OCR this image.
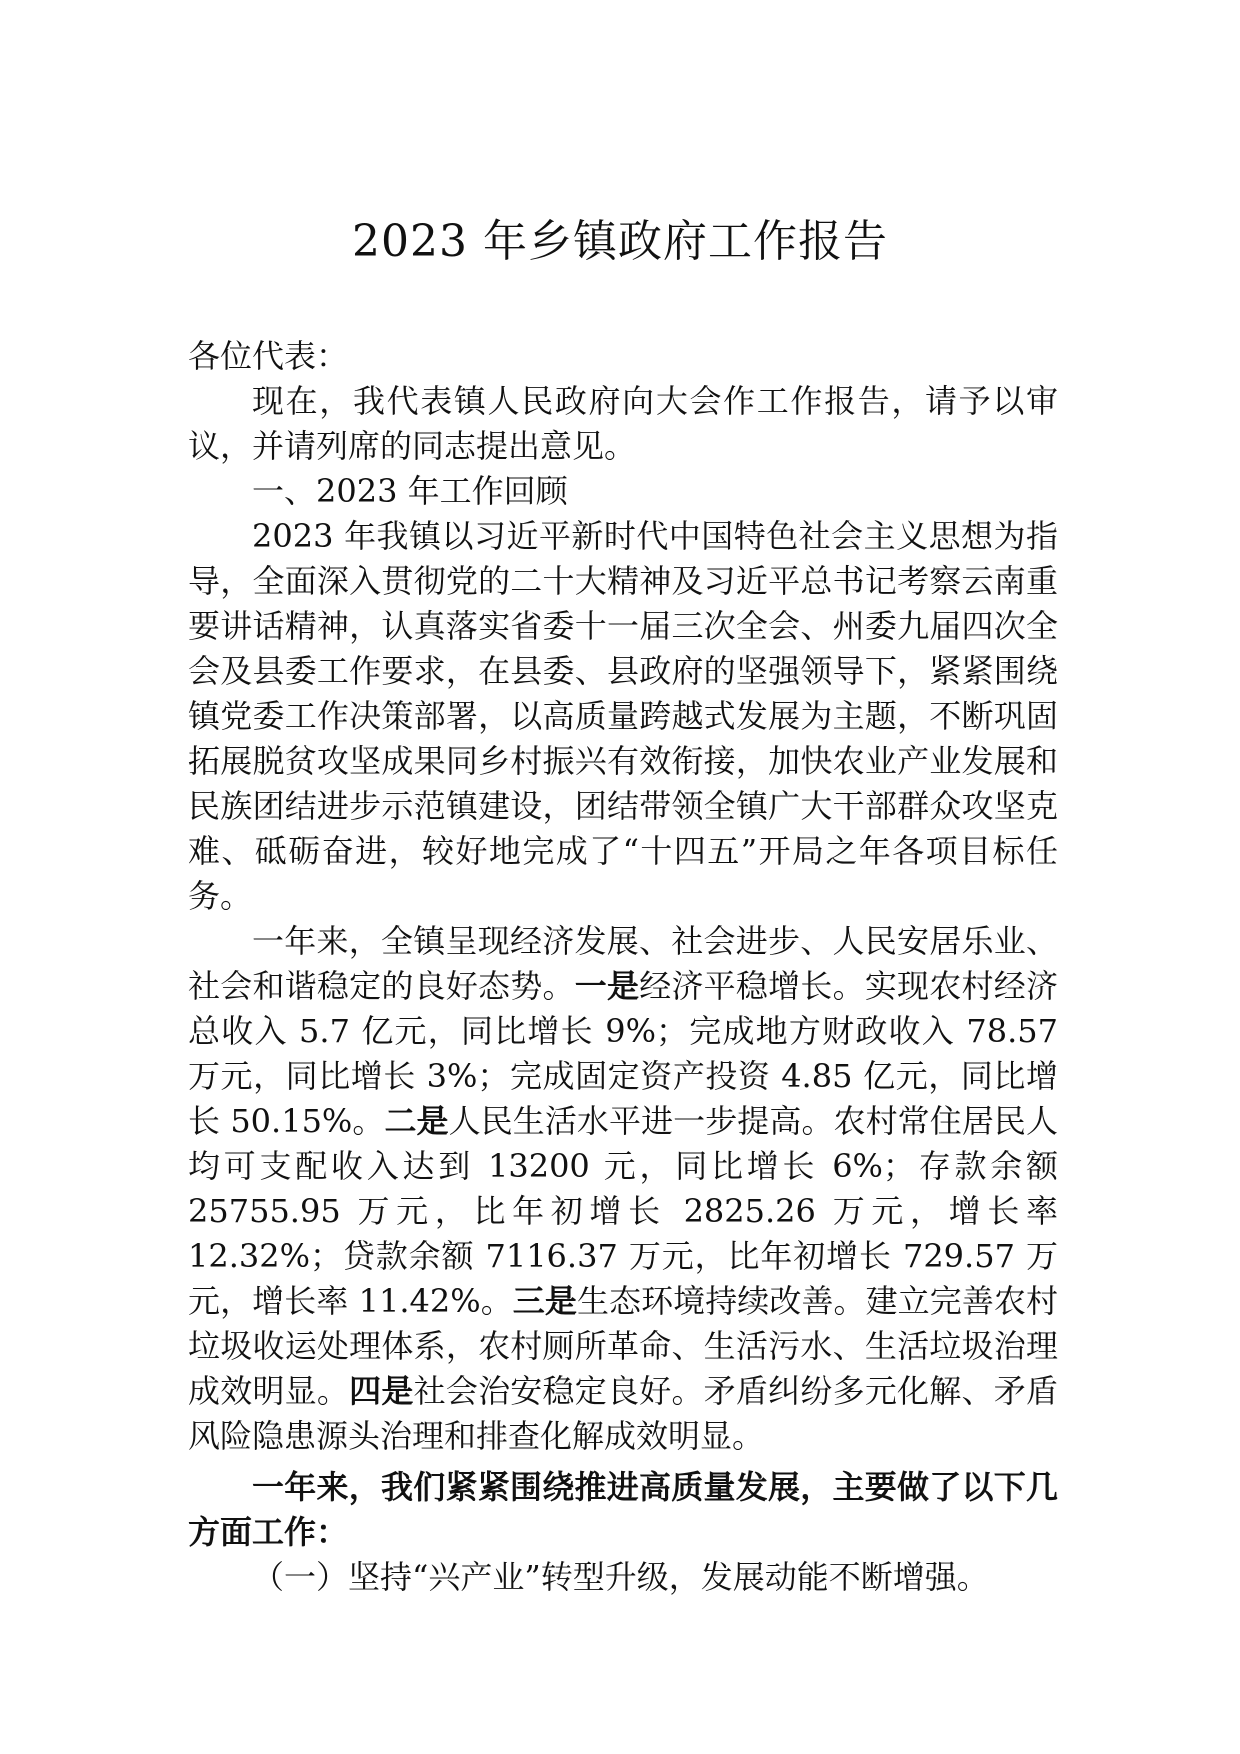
2023 年乡镇政府工作报告

各位代表：

现在，我代表镇人民政府向大会作工作报告，请予以审议，并请列席的同志提出意见。

一、2023 年工作回顾

2023 年我镇以习近平新时代中国特色社会主义思想为指导，全面深入贯彻党的二十大精神及习近平总书记考察云南重要讲话精神，认真落实省委十一届三次全会、州委九届四次全会及县委工作要求，在县委、县政府的坚强领导下，紧紧围绕镇党委工作决策部署，以高质量跨越式发展为主题，不断巩固拓展脱贫攻坚成果同乡村振兴有效衔接，加快农业产业发展和民族团结进步示范镇建设，团结带领全镇广大干部群众攻坚克难、砥砺奋进，较好地完成了“十四五”开局之年各项目标任务。

一年来，全镇呈现经济发展、社会进步、人民安居乐业、社会和谐稳定的良好态势。一是经济平稳增长。实现农村经济总收入 5.7 亿元，同比增长 9%；完成地方财政收入 78.57 万元，同比增长 3%；完成固定资产投资 4.85 亿元，同比增长 50.15%。二是人民生活水平进一步提高。农村常住居民人均可支配收入达到 13200 元，同比增长 6%；存款余额 25755.95 万元，比年初增长 2825.26 万元，增长率 12.32%；贷款余额 7116.37 万元，比年初增长 729.57 万元，增长率 11.42%。三是生态环境持续改善。建立完善农村垃圾收运处理体系，农村厕所革命、生活污水、生活垃圾治理成效明显。四是社会治安稳定良好。矛盾纠纷多元化解、矛盾风险隐患源头治理和排查化解成效明显。

一年来，我们紧紧围绕推进高质量发展，主要做了以下几方面工作：

（一）坚持“兴产业”转型升级，发展动能不断增强。
